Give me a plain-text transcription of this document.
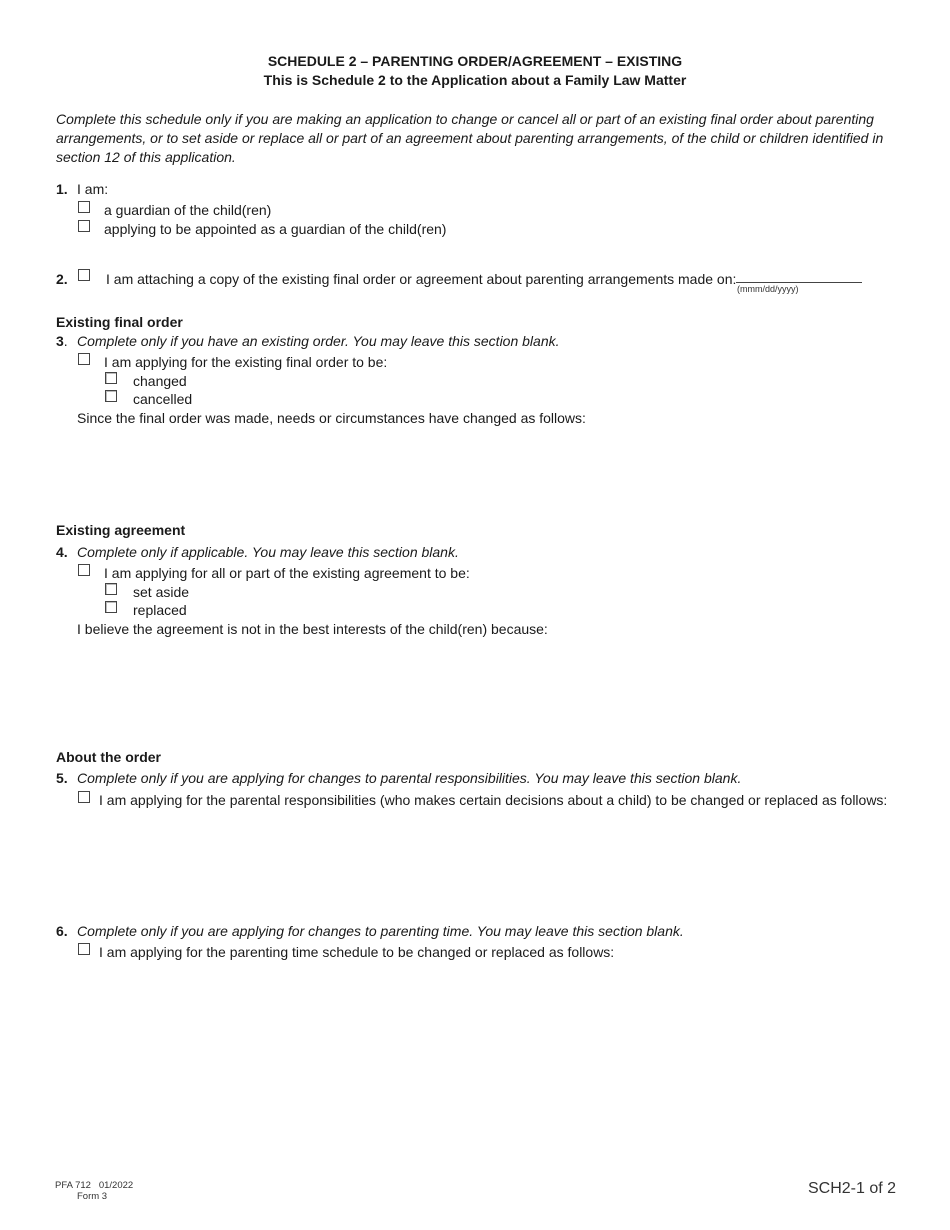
SCHEDULE 2 – PARENTING ORDER/AGREEMENT – EXISTING
This is Schedule 2 to the Application about a Family Law Matter
Complete this schedule only if you are making an application to change or cancel all or part of an existing final order about parenting arrangements, or to set aside or replace all or part of an agreement about parenting arrangements, of the child or children identified in section 12 of this application.
1. I am:
a guardian of the child(ren)
applying to be appointed as a guardian of the child(ren)
2.	I am attaching a copy of the existing final order or agreement about parenting arrangements made on:
(mmm/dd/yyyy)
Existing final order
3. Complete only if you have an existing order. You may leave this section blank.
I am applying for the existing final order to be:
changed
cancelled
Since the final order was made, needs or circumstances have changed as follows:
Existing agreement
4. Complete only if applicable. You may leave this section blank.
I am applying for all or part of the existing agreement to be:
set aside
replaced
I believe the agreement is not in the best interests of the child(ren) because:
About the order
5. Complete only if you are applying for changes to parental responsibilities. You may leave this section blank.
I am applying for the parental responsibilities (who makes certain decisions about a child) to be changed or replaced as follows:
6. Complete only if you are applying for changes to parenting time. You may leave this section blank.
I am applying for the parenting time schedule to be changed or replaced as follows:
PFA 712   01/2022
Form 3	SCH2-1 of 2
